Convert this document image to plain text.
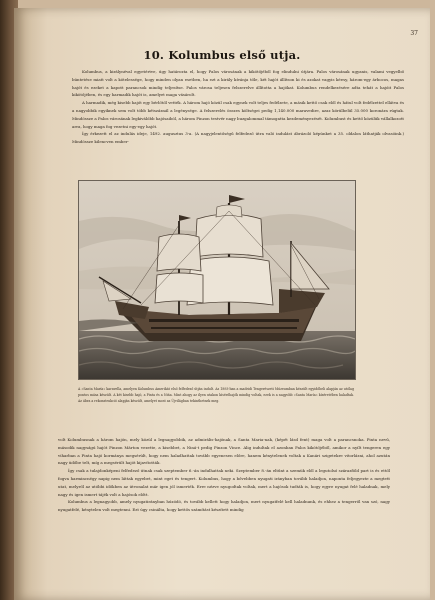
37
10. Kolumbus első utja.

Kolumbus, a királynéval egyetértve, úgy határozta el, hogy Palos városának a kikötőjéből fog elindulni útjára. Palos városának ugyanis, valami vegyelbő büntetése miatt volt a kötelessége, hogy minden olyan esetben, ha ezt a király kívánja tőle, két hajót állítson ki és azokat vagyis kéesy, három-egy árbocos, magas hajót és ezeket a kapott parancsok mindig teljesítse. Palos városa teljesen felszerelve állította a hajókat. Kolumbus rendelkezésére adta tehát a hajóit Palos kikötőjében, és egy harmadik hajót is, amelyet maga vásárolt.

A harmadik, még kisebb hajót egy bérlőtől vették. A három hajó közül csak egynek volt teljes fedélzete, a másik kettő csak elől és hátul volt fedélzettel ellátva és a nagyobbik egyiknek sem volt több kétszáznál a legénysége. A felszerelés összes költségei pedig 1,140.000 maravedire, azaz körülbelül 35.000 koronára rúgtak. Mindössze a Palos városának legkiválóbb hajósaiból, a három Pinzon testvér nagy buzgalommal támogatta kezdeményezését. Kolumbust és kettő közülük vállalkozott arra, hogy maga fog vezetni egy-egy hajót.

Így érkezett el az indulás ideje, 1492. augusztus 3-a. (A nagyjelentőségű felfedező útra való indulást ábrázoló képünket a 35. oldalon láthatják olvasóink.) Mindössze kilencven ember-

A »Santa María« karavella, amelyen Kolumbus Amerikát első felfedező útján indult. Az 1893-ban a madridi Tengerészeti Múzeumban készült egyidőbeli alapján az utólag pontos mása készült. A két kisebb hajó, a Pinta és a Niña. Mint ahogy az ilyen utakon kísérőhajók mindig voltak, ezek is a nagyobb »Santa María« kíséretében haladtak. Az ábra a rekonstrukció alapján készült, amelyet most az Újvilágban tekinthetnek meg.

volt Kolumbusnak a három hajón, mely közül a legnagyobbik, az admirális-hajónak, a Santa Maria-nak, (képét lásd fent) maga volt a parancsnoka. Pinta nevű, második nagyságú hajót Pinzon Márton vezette, a kisebbet, a Niná-t pedig Pinzon Vince. Alig indultak el azonban Palos kikötőjéből, amikor a nyílt tengeren egy viharban a Pinta hajó kormánya megsérült, hogy nem haladhattak tovább egyenesen előre, hanem kénytelenek voltak a Kanári szigetekre vitorlázni, ahol azután nagy üdőbe telt, míg a megsérült hajót kijavították.

Így csak a tulajdonképeni felfedező útnak csak szeptember 6.-án indulhattak neki. Szeptember 8.-án eltűnt a szemük elől a legutolsó szárazföld part is és ettől fogva harmincnégy napig nem láttak egyebet, mint eget és tengert. Kolumbus, hogy a bővebben nyugati irányban tovább haladjon, naponta feljegyezte a megtett utat, melyről az utóbbi időkben az útvonalat már igen jól ismerték. Erre nézve nyugodtak voltak, mert a hajósok tudták is, hogy egyre nyugat felé haladnak, mely nagy és igen ismert tájék volt a hajósok előtt.

Kolumbus a legnagyobb, amely nyugatirányban húzódó, és tovább kellett hogy haladjon, mert nyugatfelé kell haladnunk, és ehhez a tengerről van szó, nagy nyugatfelé, kénytelen volt megtenni. Ezt úgy csinálta, hogy kettős számítást készített mindig
